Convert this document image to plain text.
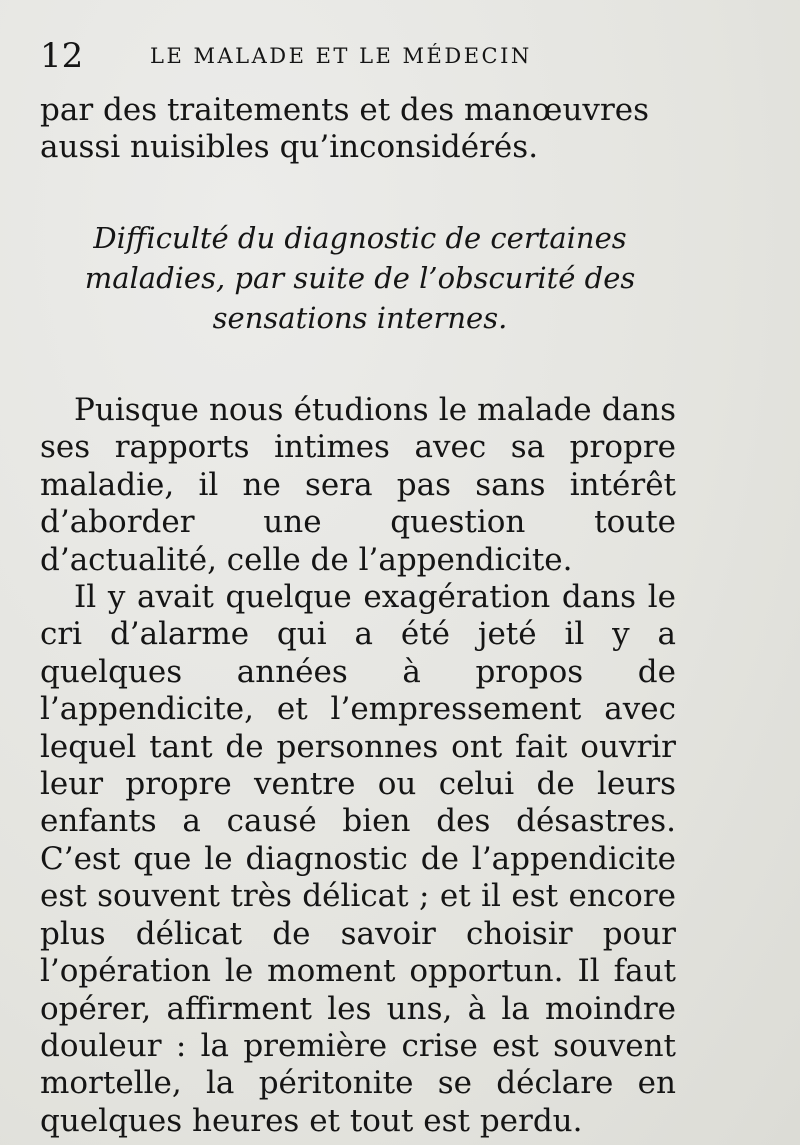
12	LE MALADE ET LE MÉDECIN

par des traitements et des manœuvres aussi nuisibles qu’inconsidérés.

Difficulté du diagnostic de certaines maladies, par suite de l’obscurité des sensations internes.

Puisque nous étudions le malade dans ses rapports intimes avec sa propre maladie, il ne sera pas sans intérêt d’aborder une question toute d’actualité, celle de l’appendicite.

Il y avait quelque exagération dans le cri d’alarme qui a été jeté il y a quelques années à propos de l’appendicite, et l’empressement avec lequel tant de personnes ont fait ouvrir leur propre ventre ou celui de leurs enfants a causé bien des désastres. C’est que le diagnostic de l’appendicite est souvent très délicat ; et il est encore plus délicat de savoir choisir pour l’opération le moment opportun. Il faut opérer, affirment les uns, à la moindre douleur : la première crise est souvent mortelle, la péritonite se déclare en quelques heures et tout est perdu.
